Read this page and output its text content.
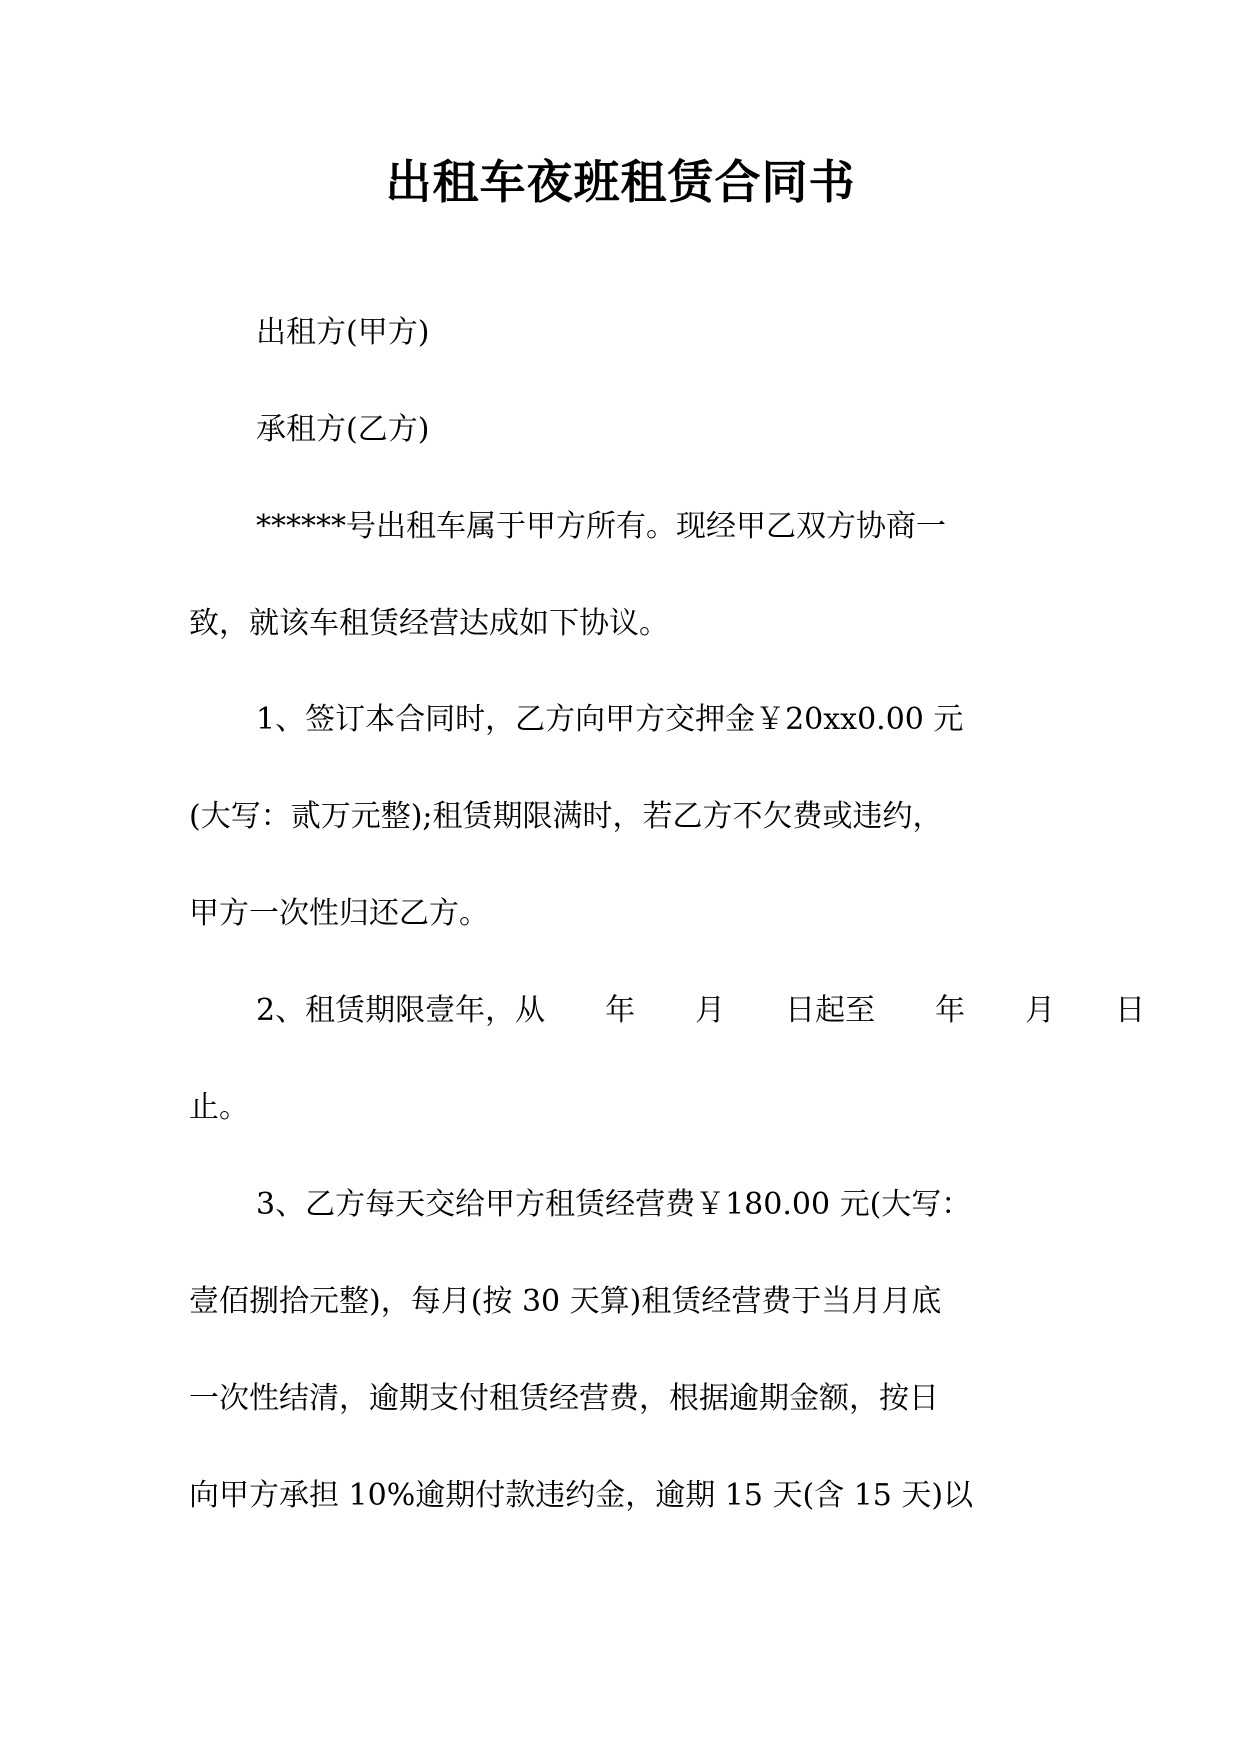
出租车夜班租赁合同书

出租方(甲方)

承租方(乙方)

******号出租车属于甲方所有。现经甲乙双方协商一

致，就该车租赁经营达成如下协议。

1、签订本合同时，乙方向甲方交押金￥20xx0.00 元

(大写：贰万元整);租赁期限满时，若乙方不欠费或违约，

甲方一次性归还乙方。

2、租赁期限壹年，从　　年　　月　　日起至　　年　　月　　日

止。

3、乙方每天交给甲方租赁经营费￥180.00 元(大写：

壹佰捌拾元整)，每月(按 30 天算)租赁经营费于当月月底

一次性结清，逾期支付租赁经营费，根据逾期金额，按日

向甲方承担 10%逾期付款违约金，逾期 15 天(含 15 天)以
